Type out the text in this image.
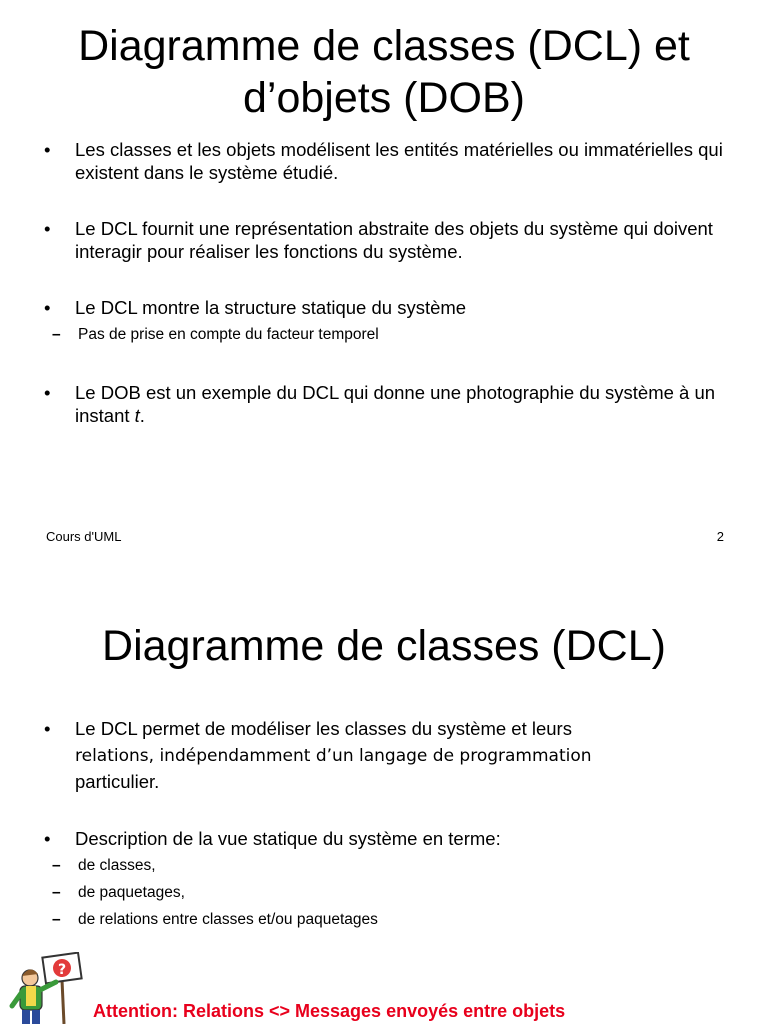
Diagramme de classes (DCL) et d’objets (DOB)
• Les classes et les objets modélisent les entités matérielles ou immatérielles qui existent dans le système étudié.
• Le DCL fournit une représentation abstraite des objets du système qui doivent interagir pour réaliser les fonctions du système.
• Le DCL montre la structure statique du système
– Pas de prise en compte du facteur temporel
• Le DOB est un exemple du DCL qui donne une photographie du système à un instant t.
Cours d'UML	2
Diagramme de classes (DCL)
• Le DCL permet de modéliser les classes du système et leurs
relations, indépendamment d’un langage de programmation
particulier.
• Description de la vue statique du système en terme:
– de classes,
– de paquetages,
– de relations entre classes et/ou paquetages
?
Attention: Relations <> Messages envoyés entre objets
